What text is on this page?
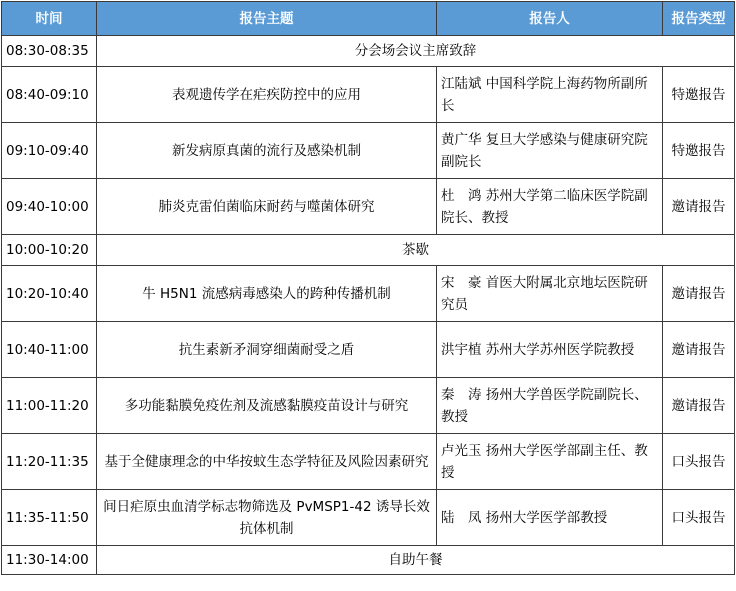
时间	报告主题	报告人	报告类型
08:30-08:35	分会场会议主席致辞		
08:40-09:10	表观遗传学在疟疾防控中的应用	江陆斌 中国科学院上海药物所副所长	特邀报告
09:10-09:40	新发病原真菌的流行及感染机制	黄广华 复旦大学感染与健康研究院副院长	特邀报告
09:40-10:00	肺炎克雷伯菌临床耐药与噬菌体研究	杜　鸿 苏州大学第二临床医学院副院长、教授	邀请报告
10:00-10:20	茶歇		
10:20-10:40	牛 H5N1 流感病毒感染人的跨种传播机制	宋　豪 首医大附属北京地坛医院研究员	邀请报告
10:40-11:00	抗生素新矛洞穿细菌耐受之盾	洪宇植 苏州大学苏州医学院教授	邀请报告
11:00-11:20	多功能黏膜免疫佐剂及流感黏膜疫苗设计与研究	秦　涛 扬州大学兽医学院副院长、教授	邀请报告
11:20-11:35	基于全健康理念的中华按蚊生态学特征及风险因素研究	卢光玉 扬州大学医学部副主任、教授	口头报告
11:35-11:50	间日疟原虫血清学标志物筛选及 PvMSP1-42 诱导长效抗体机制	陆　凤 扬州大学医学部教授	口头报告
11:30-14:00	自助午餐		
